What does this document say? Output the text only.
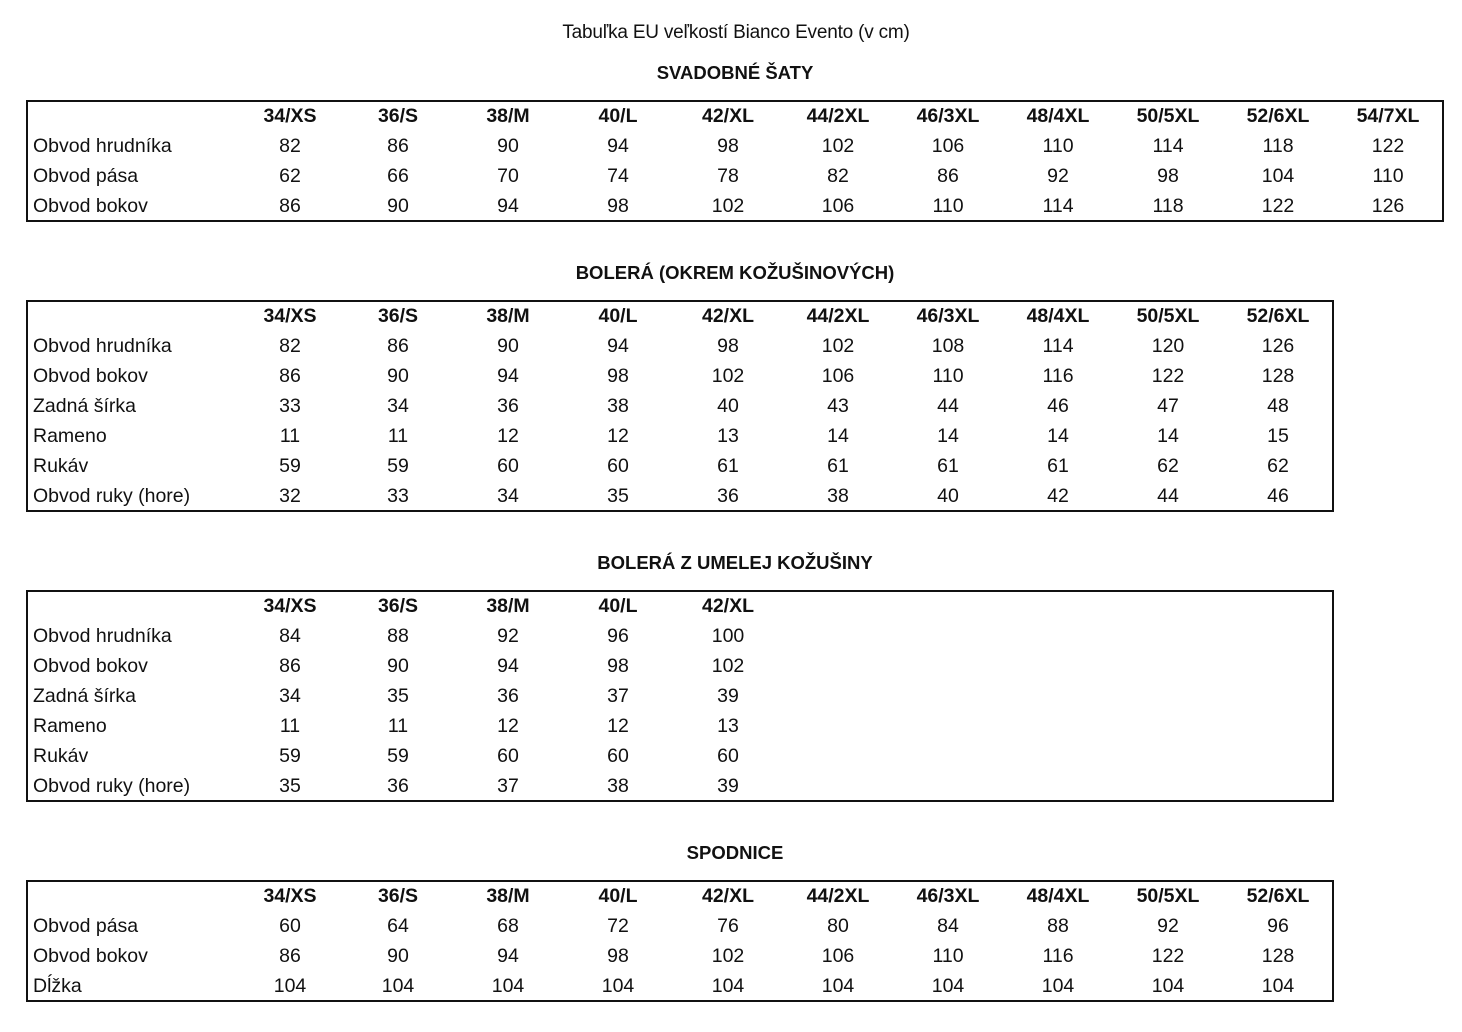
Tabuľka EU veľkostí Bianco Evento (v cm)
SVADOBNÉ ŠATY
34/XS	36/S	38/M	40/L	42/XL	44/2XL	46/3XL	48/4XL	50/5XL	52/6XL	54/7XL
Obvod hrudníka	82	86	90	94	98	102	106	110	114	118	122
Obvod pása	62	66	70	74	78	82	86	92	98	104	110
Obvod bokov	86	90	94	98	102	106	110	114	118	122	126
BOLERÁ (OKREM KOŽUŠINOVÝCH)
34/XS	36/S	38/M	40/L	42/XL	44/2XL	46/3XL	48/4XL	50/5XL	52/6XL
Obvod hrudníka	82	86	90	94	98	102	108	114	120	126
Obvod bokov	86	90	94	98	102	106	110	116	122	128
Zadná šírka	33	34	36	38	40	43	44	46	47	48
Rameno	11	11	12	12	13	14	14	14	14	15
Rukáv	59	59	60	60	61	61	61	61	62	62
Obvod ruky (hore)	32	33	34	35	36	38	40	42	44	46
BOLERÁ Z UMELEJ KOŽUŠINY
34/XS	36/S	38/M	40/L	42/XL
Obvod hrudníka	84	88	92	96	100
Obvod bokov	86	90	94	98	102
Zadná šírka	34	35	36	37	39
Rameno	11	11	12	12	13
Rukáv	59	59	60	60	60
Obvod ruky (hore)	35	36	37	38	39
SPODNICE
34/XS	36/S	38/M	40/L	42/XL	44/2XL	46/3XL	48/4XL	50/5XL	52/6XL
Obvod pása	60	64	68	72	76	80	84	88	92	96
Obvod bokov	86	90	94	98	102	106	110	116	122	128
Dĺžka	104	104	104	104	104	104	104	104	104	104
